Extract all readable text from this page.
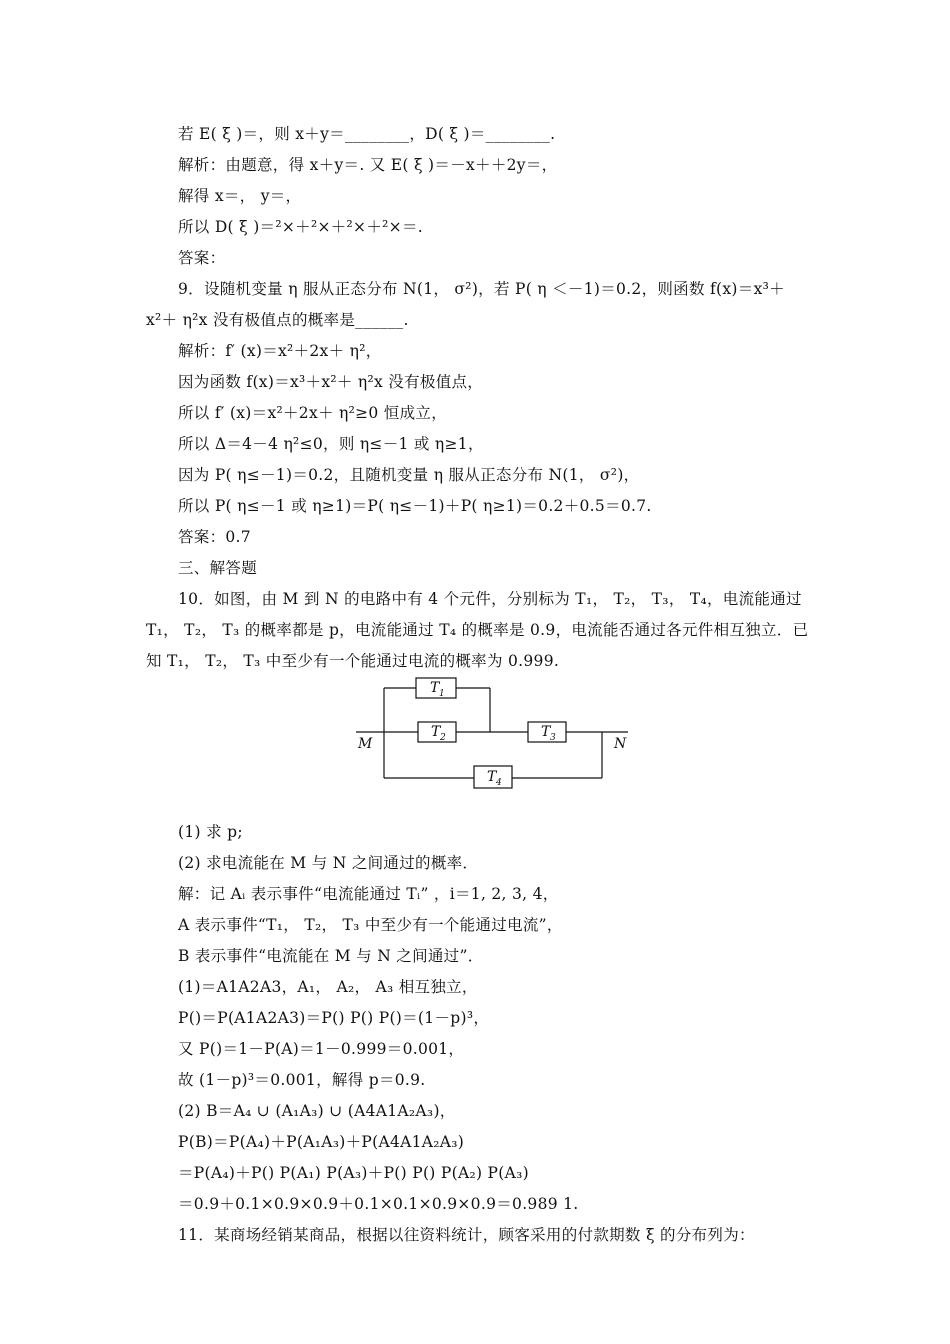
若 E( ξ )＝，则 x＋y＝________，D( ξ )＝________.
解析：由题意，得 x＋y＝. 又 E( ξ )＝－x＋＋2y＝，
解得 x＝， y＝，
所以 D( ξ )＝²×＋²×＋²×＋²×＝.
答案：
9．设随机变量 η 服从正态分布 N(1， σ²)，若 P( η ＜－1)＝0.2，则函数 f(x)＝x³＋
x²＋ η²x 没有极值点的概率是______.
解析：f′ (x)＝x²＋2x＋ η²，
因为函数 f(x)＝x³＋x²＋ η²x 没有极值点，
所以 f′ (x)＝x²＋2x＋ η²≥0 恒成立，
所以 Δ＝4－4 η²≤0，则 η≤－1 或 η≥1，
因为 P( η≤－1)＝0.2，且随机变量 η 服从正态分布 N(1， σ²)，
所以 P( η≤－1 或 η≥1)＝P( η≤－1)＋P( η≥1)＝0.2＋0.5＝0.7.
答案：0.7
三、解答题
10．如图，由 M 到 N 的电路中有 4 个元件，分别标为 T₁， T₂， T₃， T₄，电流能通过
T₁， T₂， T₃ 的概率都是 p，电流能通过 T₄ 的概率是 0.9，电流能否通过各元件相互独立．已
知 T₁， T₂， T₃ 中至少有一个能通过电流的概率为 0.999.
M	N
T 1
T 2	T 3
T 4
(1) 求 p;
(2) 求电流能在 M 与 N 之间通过的概率．
解：记 Aᵢ 表示事件“电流能通过 Tᵢ” ，i＝1, 2, 3, 4，
A 表示事件“T₁， T₂， T₃ 中至少有一个能通过电流”，
B 表示事件“电流能在 M 与 N 之间通过”．
(1)＝A1A2A3，A₁， A₂， A₃ 相互独立，
P()＝P(A1A2A3)＝P() P() P()＝(1－p)³，
又 P()＝1－P(A)＝1－0.999＝0.001，
故 (1－p)³＝0.001，解得 p＝0.9.
(2) B＝A₄ ∪ (A₁A₃) ∪ (A4A1A₂A₃)，
P(B)＝P(A₄)＋P(A₁A₃)＋P(A4A1A₂A₃)
＝P(A₄)＋P() P(A₁) P(A₃)＋P() P() P(A₂) P(A₃)
＝0.9＋0.1×0.9×0.9＋0.1×0.1×0.9×0.9＝0.989 1.
11．某商场经销某商品，根据以往资料统计，顾客采用的付款期数 ξ 的分布列为：
